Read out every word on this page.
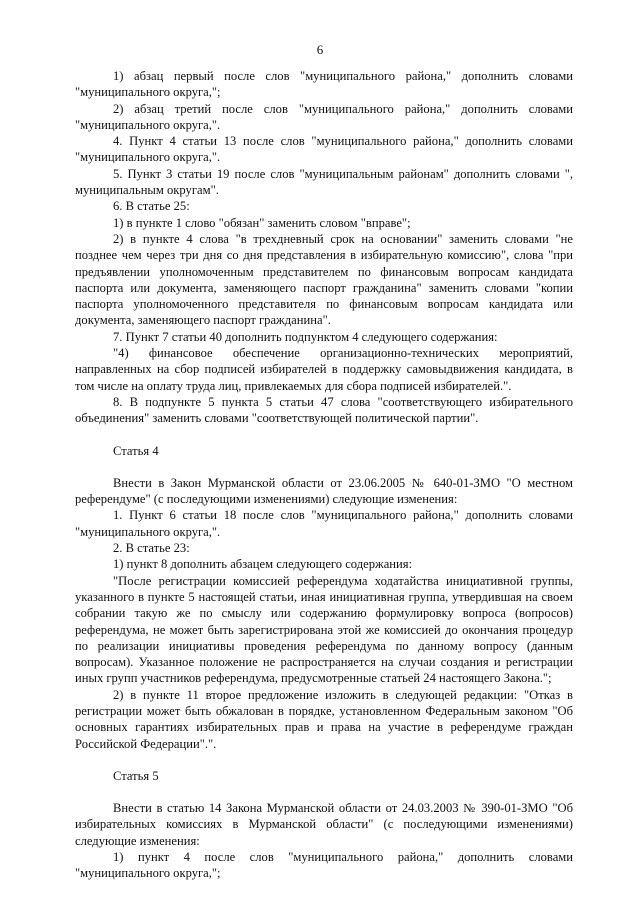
6

1) абзац первый после слов "муниципального района," дополнить словами "муниципального округа,";

2) абзац третий после слов "муниципального района," дополнить словами "муниципального округа,".

4. Пункт 4 статьи 13 после слов "муниципального района," дополнить словами "муниципального округа,".

5. Пункт 3 статьи 19 после слов "муниципальным районам" дополнить словами ", муниципальным округам".

6. В статье 25:

1) в пункте 1 слово "обязан" заменить словом "вправе";

2) в пункте 4 слова "в трехдневный срок на основании" заменить словами "не позднее чем через три дня со дня представления в избирательную комиссию", слова "при предъявлении уполномоченным представителем по финансовым вопросам кандидата паспорта или документа, заменяющего паспорт гражданина" заменить словами "копии паспорта уполномоченного представителя по финансовым вопросам кандидата или документа, заменяющего паспорт гражданина".

7. Пункт 7 статьи 40 дополнить подпунктом 4 следующего содержания:

"4) финансовое обеспечение организационно-технических мероприятий, направленных на сбор подписей избирателей в поддержку самовыдвижения кандидата, в том числе на оплату труда лиц, привлекаемых для сбора подписей избирателей.".

8. В подпункте 5 пункта 5 статьи 47 слова "соответствующего избирательного объединения" заменить словами "соответствующей политической партии".

Статья 4

Внести в Закон Мурманской области от 23.06.2005 № 640-01-ЗМО "О местном референдуме" (с последующими изменениями) следующие изменения:

1. Пункт 6 статьи 18 после слов "муниципального района," дополнить словами "муниципального округа,".

2. В статье 23:

1) пункт 8 дополнить абзацем следующего содержания:

"После регистрации комиссией референдума ходатайства инициативной группы, указанного в пункте 5 настоящей статьи, иная инициативная группа, утвердившая на своем собрании такую же по смыслу или содержанию формулировку вопроса (вопросов) референдума, не может быть зарегистрирована этой же комиссией до окончания процедур по реализации инициативы проведения референдума по данному вопросу (данным вопросам). Указанное положение не распространяется на случаи создания и регистрации иных групп участников референдума, предусмотренные статьей 24 настоящего Закона.";

2) в пункте 11 второе предложение изложить в следующей редакции: "Отказ в регистрации может быть обжалован в порядке, установленном Федеральным законом "Об основных гарантиях избирательных прав и права на участие в референдуме граждан Российской Федерации".".

Статья 5

Внести в статью 14 Закона Мурманской области от 24.03.2003 № 390-01-ЗМО "Об избирательных комиссиях в Мурманской области" (с последующими изменениями) следующие изменения:

1) пункт 4 после слов "муниципального района," дополнить словами "муниципального округа,";
